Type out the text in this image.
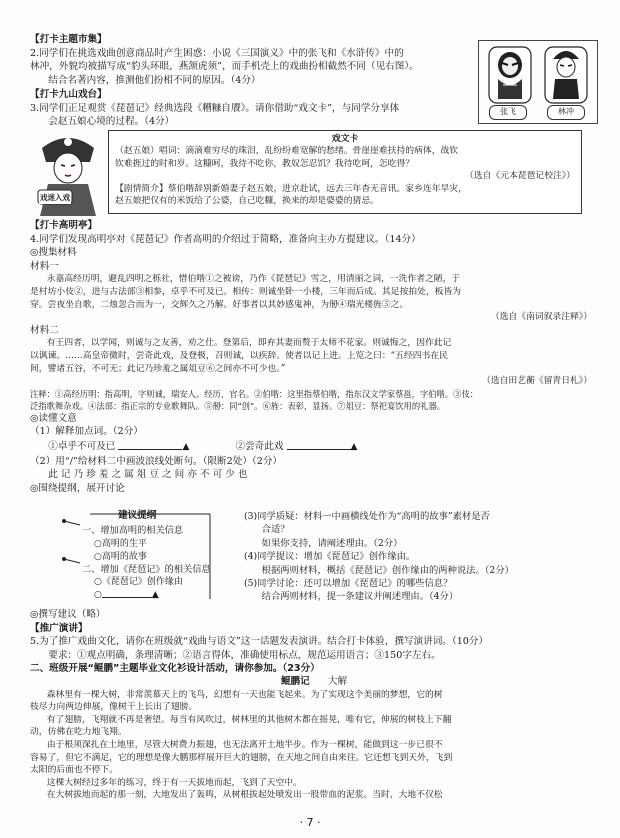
【打卡主题市集】

2.同学们在挑选戏曲创意商品时产生困惑：小说《三国演义》中的张飞和《水浒传》中的

林冲，外貌均被描写成“豹头环眼，燕颔虎须”，而手机壳上的戏曲扮相截然不同（见右图）。

结合名著内容，推测他们扮相不同的原因。（4分）

张飞	林冲

【打卡九山戏台】

3.同学们正足观赏《琵琶记》经典选段《糟糠自餍》。请你借助“戏文卡”，与同学分享体

会赵五娘心境的过程。（4分）

戏迷入戏
戏文卡
（赵五娘）唱词：滴滴难穷尽的珠泪，乱纷纷难宽解的愁绪。骨崖崖难扶持的病体，战钦
钦难捱过的时和岁。这糠呵，我待不吃你，教奴怎忍饥？我待吃呵，怎吃得？
（选自《元本琵琶记校注》）
【剧情简介】蔡伯喈辞别新婚妻子赵五娘，进京赴试，远去三年杳无音讯。家乡连年旱灾，
赵五娘把仅有的米饭给了公婆，自己吃糠，换来的却是婆婆的猜忌。

【打卡高明亭】

4.同学们发现高明亭对《琵琶记》作者高明的介绍过于简略，准备向主办方提建议。（14分）

◎搜集材料

材料一

永嘉高经历明，避乱四明之栎社，惜伯喈①之被谤，乃作《琵琶记》雪之，用清丽之词，一洗作者之陋，于

是村坊小伎②，进与古法部③相参，卓乎不可及已。相传：则诚坐卧一小楼，三年而后成。其足按拍处，板皆为

穿。尝夜坐自歌，二烛忽合而为一，交辉久之乃解。好事者以其妙感鬼神，为剙④瑞光楼旌⑤之。

（选自《南词叙录注释》）

材料二

有王四者，以学闻，则诚与之友善，劝之仕。登第后，即弃其妻而赘于太师不花家。则诚悔之，因作此记

以讽谏。……高皇帝微时，尝奇此戏，及登极，召则诚，以疾辞。使者以记上进。上览之曰：“五经四书在民

间，譬诸五谷，不可无；此记乃珍羞之属俎豆⑥之间亦不可少也。”

（选自田艺蘅《留青日札》）

注释：①高经历明：指高明，字则诚，瑞安人。经历，官名。②伯喈：这里指蔡伯喈，指东汉文学家蔡邕，字伯喈。③伎：

泛指歌舞杂戏。④法部：指正宗的专业歌舞队。⑤剙：同“创”。⑥旌：表彰，显扬。⑦俎豆：祭祀宴饮用的礼器。

◎读懂文意

（1）解释加点词。（2分）

①卓乎不可及已	▲	②尝奇此戏	▲

（2）用“/”给材料二中画波浪线处断句。（限断2处）（2分）

此 记 乃 珍 羞 之 属 俎 豆 之 间 亦 不 可 少 也

◎围绕提纲，展开讨论

建议提纲
一、增加高明的相关信息
○高明的生平
○高明的故事
二、增加《琵琶记》的相关信息
○《琵琶记》创作缘由
○	▲

(3)同学质疑：材料一中画横线处作为“高明的故事”素材是否

合适？

如果你支持，请阐述理由。（2分）

(4)同学提议：增加《琵琶记》创作缘由。

根据两则材料，概括《琵琶记》创作缘由的两种说法。（2分）

(5)同学讨论：还可以增加《琵琶记》的哪些信息？

结合两则材料，提一条建议并阐述理由。（4分）

◎撰写建议（略）

【推广演讲】

5.为了推广戏曲文化，请你在班级就“戏曲与语文”这一话题发表演讲。结合打卡体验，撰写演讲词。（10分）

要求：①观点明确，条理清晰；②语言得体，准确使用标点，规范运用语言；③150字左右。

二、班级开展“鲲鹏”主题毕业文化衫设计活动，请你参加。（23分）

鲲鹏记 大解

森林里有一棵大树，非常羡慕天上的飞鸟，幻想有一天也能飞起来。为了实现这个美丽的梦想，它的树

枝尽力向两边伸展，像树干上长出了翅膀。

有了翅膀，飞翔就不再是奢望。每当有风吹过，树林里的其他树木都在摇晃，唯有它，伸展的树枝上下翻

动，仿佛在吃力地飞翔。

由于根须深扎在土地里，尽管大树费力振翅，也无法离开土地半步。作为一棵树，能做到这一步已很不

容易了，但它不满足，它的理想是像大鹏那样展开巨大的翅膀，在天地之间自由来往。它还想飞到天外，飞到

太阳的后面也不停下。

这棵大树经过多年的练习，终于有一天拔地而起，飞到了天空中。

在大树拔地而起的那一刻，大地发出了轰鸣，从树根拔起处喷发出一股带血的泥浆。当时，大地不仅松

· 7 ·
